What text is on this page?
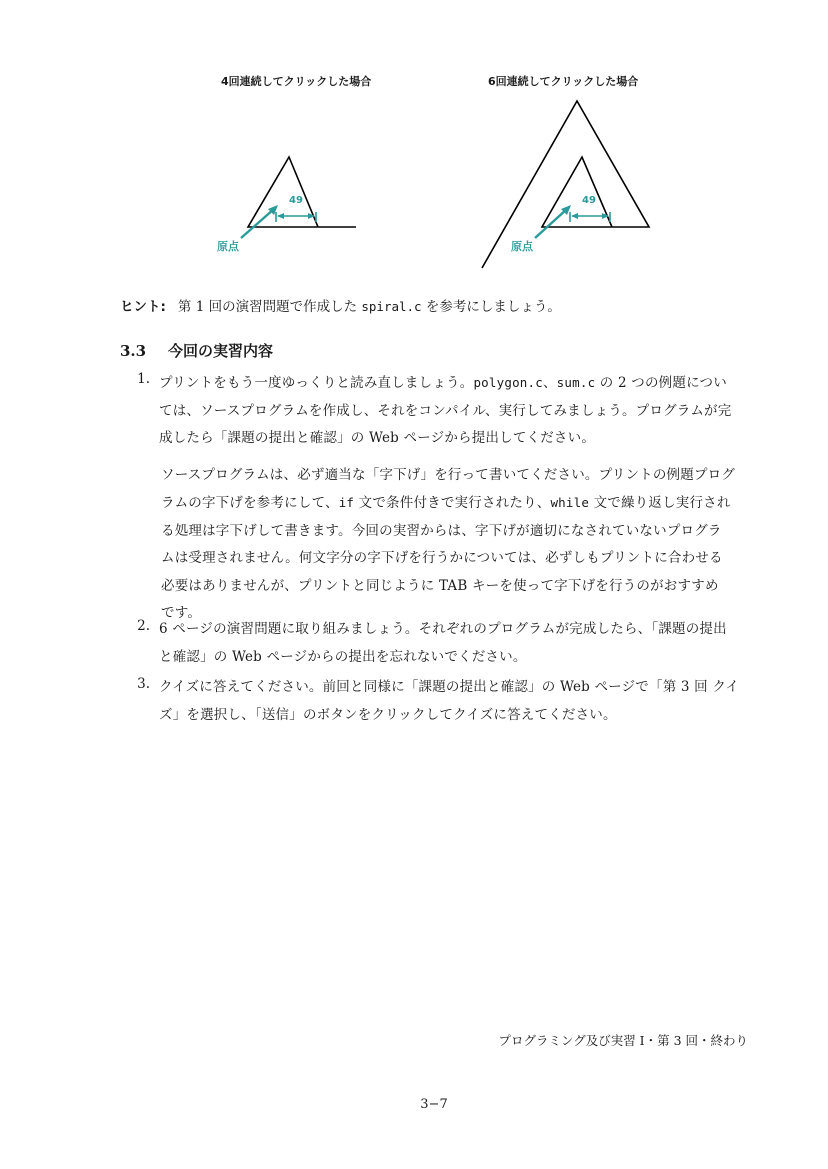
4回連続してクリックした場合	6回連続してクリックした場合
49
原点
49
原点
ヒント: 第 1 回の演習問題で作成した spiral.c を参考にしましょう。
3.3 今回の実習内容
1. プリントをもう一度ゆっくりと読み直しましょう。polygon.c、sum.c の 2 つの例題につい
ては、ソースプログラムを作成し、それをコンパイル、実行してみましょう。プログラムが完
成したら「課題の提出と確認」の Web ページから提出してください。
ソースプログラムは、必ず適当な「字下げ」を行って書いてください。プリントの例題プログ
ラムの字下げを参考にして、if 文で条件付きで実行されたり、while 文で繰り返し実行され
る処理は字下げして書きます。今回の実習からは、字下げが適切になされていないプログラ
ムは受理されません。何文字分の字下げを行うかについては、必ずしもプリントに合わせる
必要はありませんが、プリントと同じように TAB キーを使って字下げを行うのがおすすめ
です。
2. 6 ページの演習問題に取り組みましょう。それぞれのプログラムが完成したら、「課題の提出
と確認」の Web ページからの提出を忘れないでください。
3. クイズに答えてください。前回と同様に「課題の提出と確認」の Web ページで「第 3 回 クイ
ズ」を選択し、「送信」のボタンをクリックしてクイズに答えてください。
プログラミング及び実習 I・第 3 回・終わり
3−7
